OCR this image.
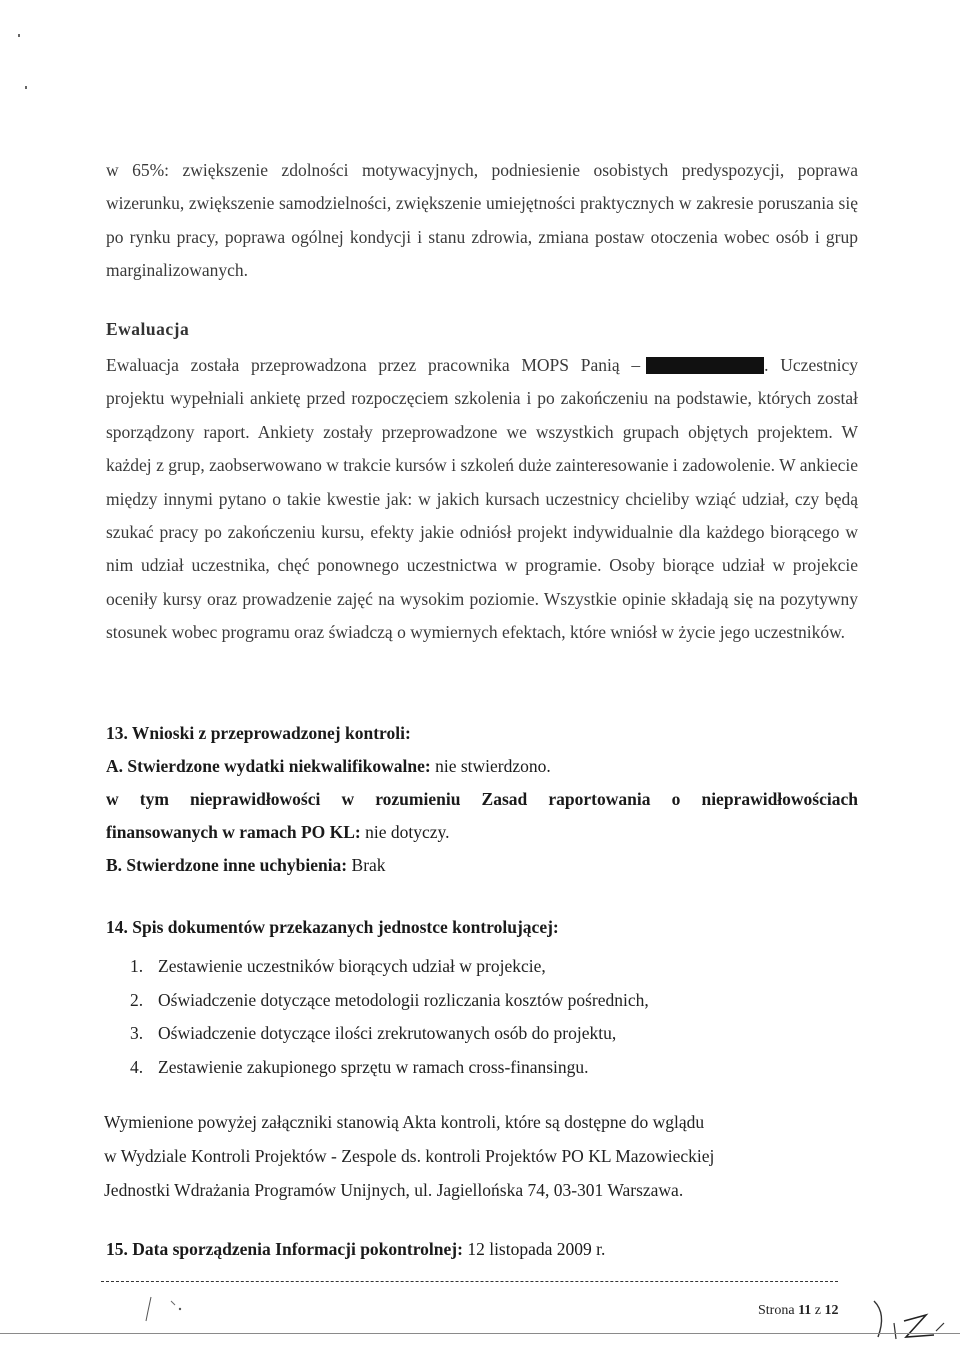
w 65%: zwiększenie zdolności motywacyjnych, podniesienie osobistych predyspozycji, poprawa wizerunku, zwiększenie samodzielności, zwiększenie umiejętności praktycznych w zakresie poruszania się po rynku pracy, poprawa ogólnej kondycji i stanu zdrowia, zmiana postaw otoczenia wobec osób i grup marginalizowanych.

Ewaluacja

Ewaluacja została przeprowadzona przez pracownika MOPS Panią –	. Uczestnicy projektu wypełniali ankietę przed rozpoczęciem szkolenia i po zakończeniu na podstawie, których został sporządzony raport. Ankiety zostały przeprowadzone we wszystkich grupach objętych projektem. W każdej z grup, zaobserwowano w trakcie kursów i szkoleń duże zainteresowanie i zadowolenie. W ankiecie między innymi pytano o takie kwestie jak: w jakich kursach uczestnicy chcieliby wziąć udział, czy będą szukać pracy po zakończeniu kursu, efekty jakie odniósł projekt indywidualnie dla każdego biorącego w nim udział uczestnika, chęć ponownego uczestnictwa w programie. Osoby biorące udział w projekcie oceniły kursy oraz prowadzenie zajęć na wysokim poziomie. Wszystkie opinie składają się na pozytywny stosunek wobec programu oraz świadczą o wymiernych efektach, które wniósł w życie jego uczestników.

13. Wnioski z przeprowadzonej kontroli:

A. Stwierdzone wydatki niekwalifikowalne: nie stwierdzono.

w tym nieprawidłowości w rozumieniu Zasad raportowania o nieprawidłowościach

finansowanych w ramach PO KL: nie dotyczy.

B. Stwierdzone inne uchybienia: Brak

14. Spis dokumentów przekazanych jednostce kontrolującej:
1. Zestawienie uczestników biorących udział w projekcie,
2. Oświadczenie dotyczące metodologii rozliczania kosztów pośrednich,
3. Oświadczenie dotyczące ilości zrekrutowanych osób do projektu,
4. Zestawienie zakupionego sprzętu w ramach cross-finansingu.

Wymienione powyżej załączniki stanowią Akta kontroli, które są dostępne do wglądu

w Wydziale Kontroli Projektów - Zespole ds. kontroli Projektów PO KL Mazowieckiej

Jednostki Wdrażania Programów Unijnych, ul. Jagiellońska 74, 03-301 Warszawa.

15. Data sporządzenia Informacji pokontrolnej: 12 listopada 2009 r.

Strona 11 z 12
